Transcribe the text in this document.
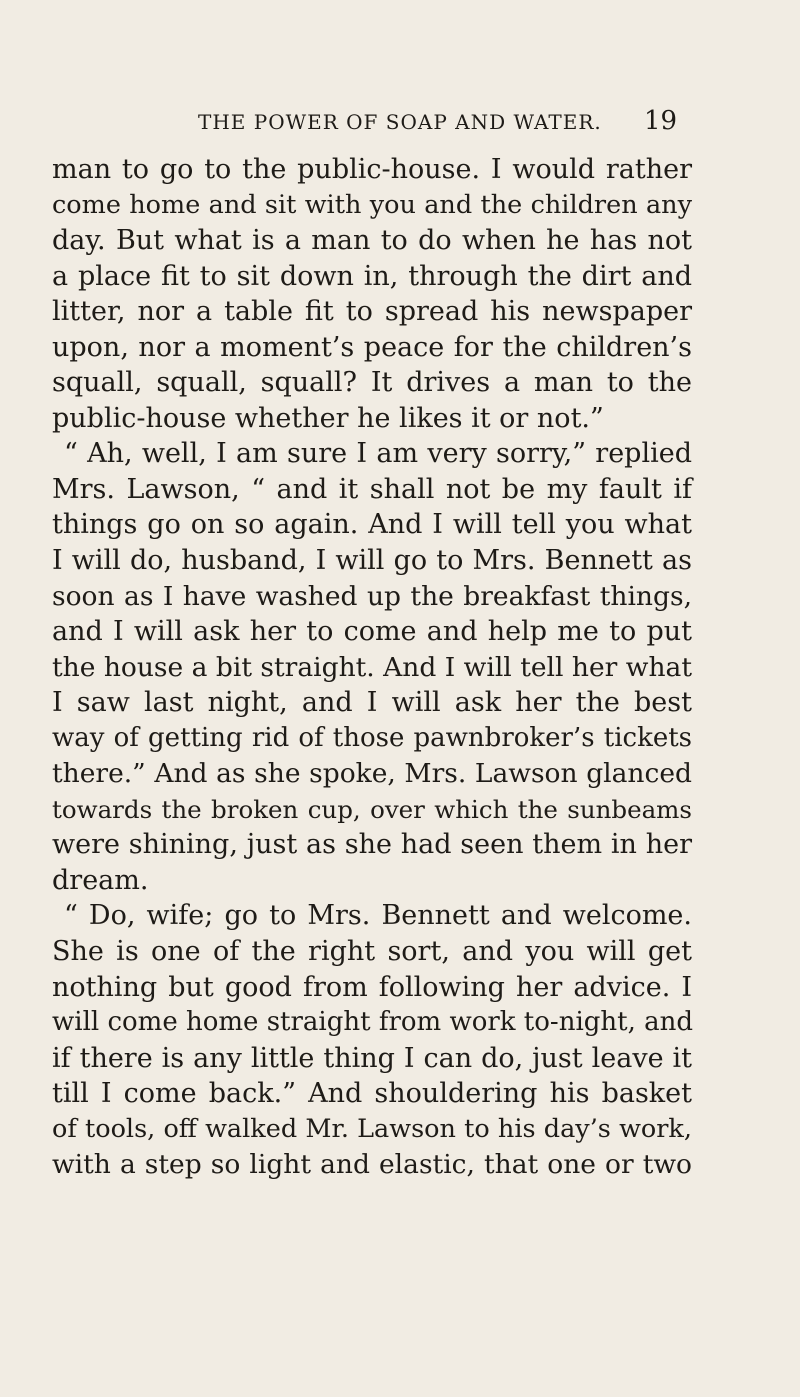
THE POWER OF SOAP AND WATER. 19
man to go to the public-house. I would rather
come home and sit with you and the children any
day. But what is a man to do when he has not
a place fit to sit down in, through the dirt and
litter, nor a table fit to spread his newspaper
upon, nor a moment’s peace for the children’s
squall, squall, squall? It drives a man to the
public-house whether he likes it or not.”
“ Ah, well, I am sure I am very sorry,” replied
Mrs. Lawson, “ and it shall not be my fault if
things go on so again. And I will tell you what
I will do, husband, I will go to Mrs. Bennett as
soon as I have washed up the breakfast things,
and I will ask her to come and help me to put
the house a bit straight. And I will tell her what
I saw last night, and I will ask her the best
way of getting rid of those pawnbroker’s tickets
there.” And as she spoke, Mrs. Lawson glanced
towards the broken cup, over which the sunbeams
were shining, just as she had seen them in her
dream.
“ Do, wife; go to Mrs. Bennett and welcome.
She is one of the right sort, and you will get
nothing but good from following her advice. I
will come home straight from work to-night, and
if there is any little thing I can do, just leave it
till I come back.” And shouldering his basket
of tools, off walked Mr. Lawson to his day’s work,
with a step so light and elastic, that one or two
